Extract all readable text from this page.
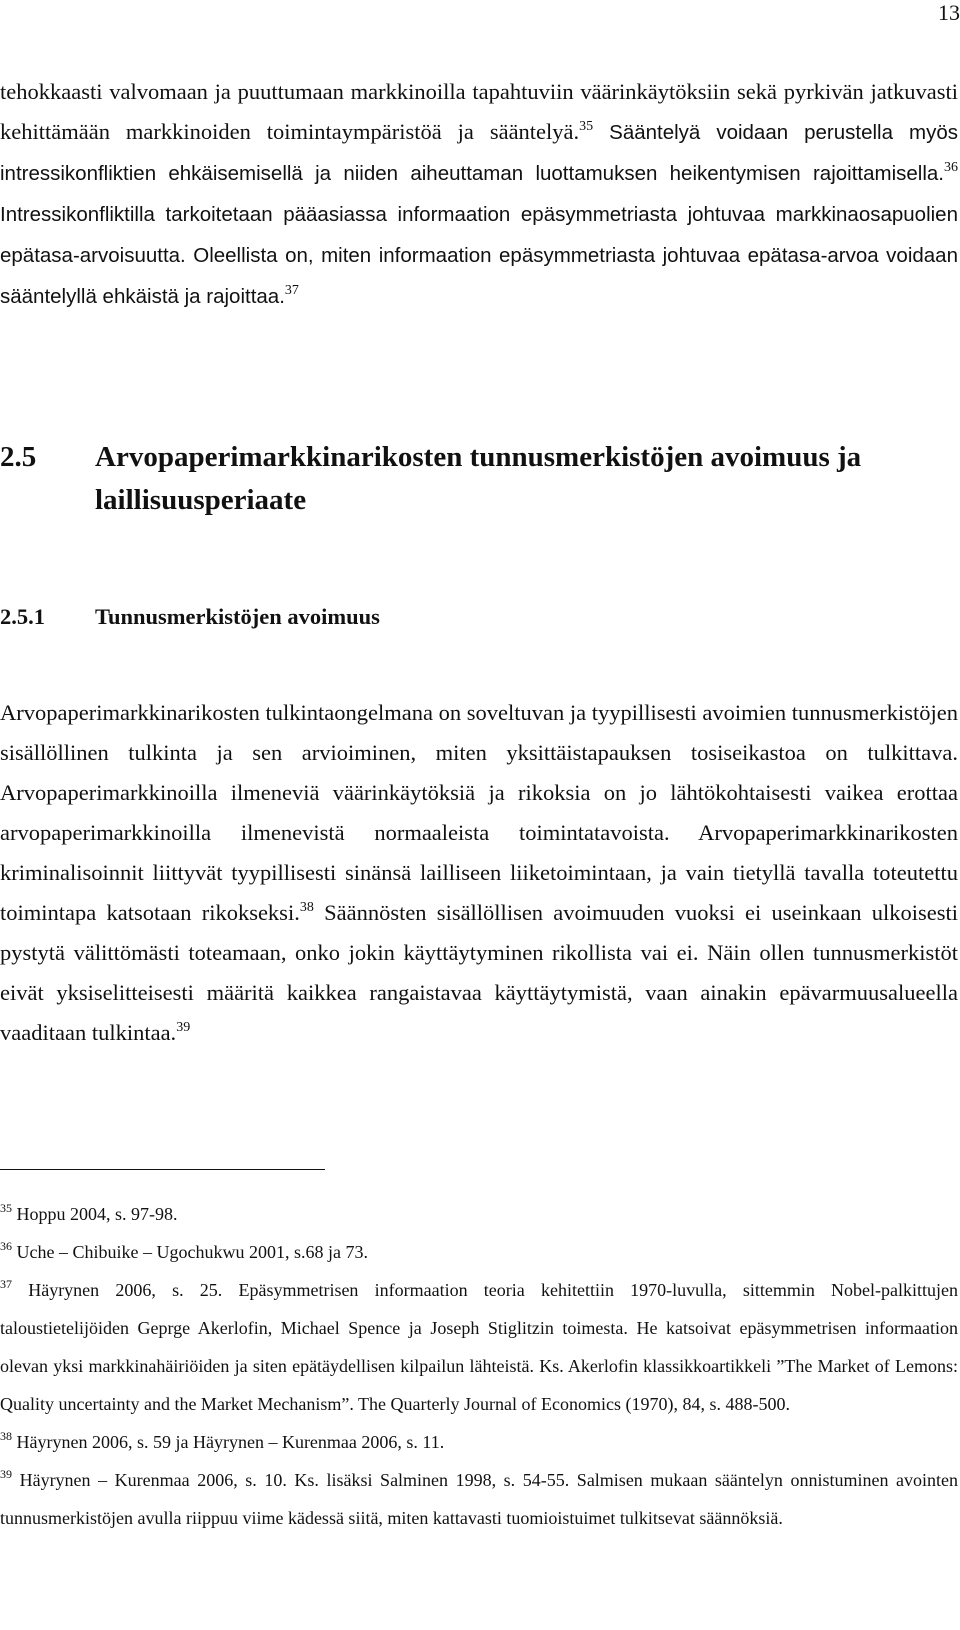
13
tehokkaasti valvomaan ja puuttumaan markkinoilla tapahtuviin väärinkäytöksiin sekä pyrkivän jatkuvasti kehittämään markkinoiden toimintaympäristöä ja sääntelyä.$^{35}$ Sääntelyä voidaan perustella myös intressikonfliktien ehkäisemisellä ja niiden aiheuttaman luottamuksen heikentymisen rajoittamisella.$^{36}$ Intressikonfliktilla tarkoitetaan pääasiassa informaation epäsymmetriasta johtuvaa markkinaosapuolien epätasa-arvoisuutta. Oleellista on, miten informaation epäsymmetriasta johtuvaa epätasa-arvoa voidaan sääntelyllä ehkäistä ja rajoittaa.$^{37}$
2.5	Arvopaperimarkkinarikosten tunnusmerkistöjen avoimuus ja laillisuusperiaate
2.5.1	Tunnusmerkistöjen avoimuus
Arvopaperimarkkinarikosten tulkintaongelmana on soveltuvan ja tyypillisesti avoimien tunnusmerkistöjen sisällöllinen tulkinta ja sen arvioiminen, miten yksittäistapauksen tosiseikastoa on tulkittava. Arvopaperimarkkinoilla ilmeneviä väärinkäytöksiä ja rikoksia on jo lähtökohtaisesti vaikea erottaa arvopaperimarkkinoilla ilmenevistä normaaleista toimintatavoista. Arvopaperimarkkinarikosten kriminalisoinnit liittyvät tyypillisesti sinänsä lailliseen liiketoimintaan, ja vain tietyllä tavalla toteutettu toimintapa katsotaan rikokseksi.$^{38}$ Säännösten sisällöllisen avoimuuden vuoksi ei useinkaan ulkoisesti pystytä välittömästi toteamaan, onko jokin käyttäytyminen rikollista vai ei. Näin ollen tunnusmerkistöt eivät yksiselitteisesti määritä kaikkea rangaistavaa käyttäytymistä, vaan ainakin epävarmuusalueella vaaditaan tulkintaa.$^{39}$

$^{35}$ Hoppu 2004, s. 97-98.

$^{36}$ Uche – Chibuike – Ugochukwu 2001, s.68 ja 73.

$^{37}$ Häyrynen 2006, s. 25. Epäsymmetrisen informaation teoria kehitettiin 1970-luvulla, sittemmin Nobel-palkittujen taloustietelijöiden Geprge Akerlofin, Michael Spence ja Joseph Stiglitzin toimesta. He katsoivat epäsymmetrisen informaation olevan yksi markkinahäiriöiden ja siten epätäydellisen kilpailun lähteistä. Ks. Akerlofin klassikkoartikkeli ”The Market of Lemons: Quality uncertainty and the Market Mechanism”. The Quarterly Journal of Economics (1970), 84, s. 488-500.

$^{38}$ Häyrynen 2006, s. 59 ja Häyrynen – Kurenmaa 2006, s. 11.

$^{39}$ Häyrynen – Kurenmaa 2006, s. 10. Ks. lisäksi Salminen 1998, s. 54-55. Salmisen mukaan sääntelyn onnistuminen avointen tunnusmerkistöjen avulla riippuu viime kädessä siitä, miten kattavasti tuomioistuimet tulkitsevat säännöksiä.
